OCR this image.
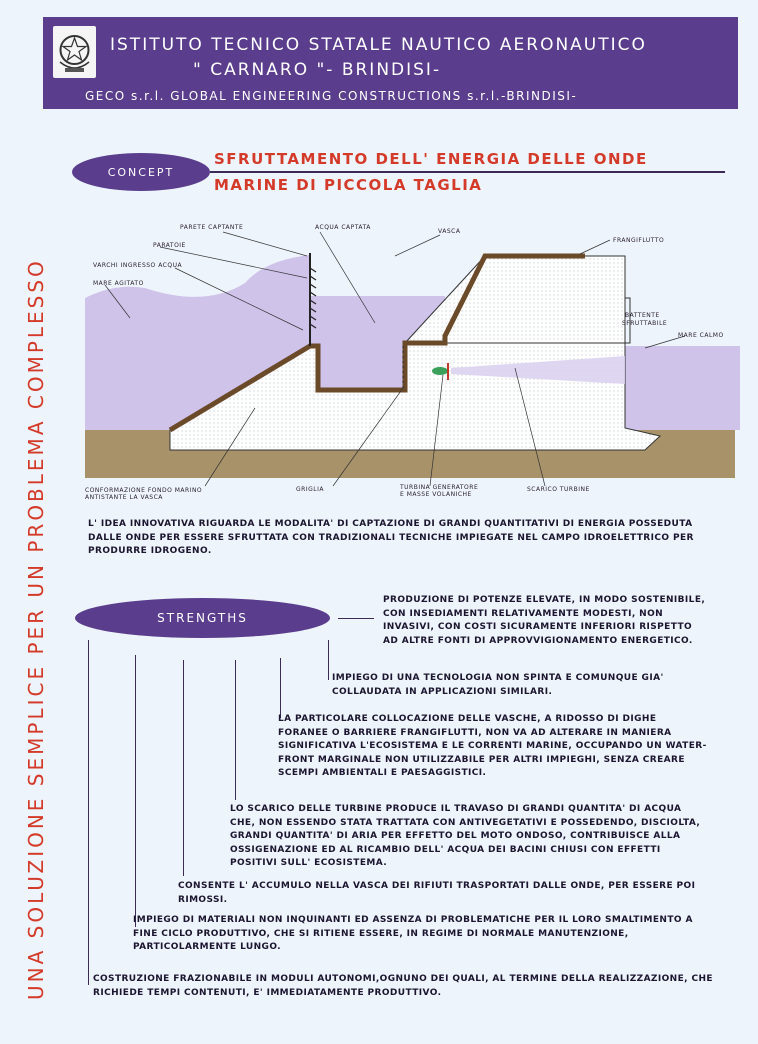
ISTITUTO TECNICO STATALE NAUTICO AERONAUTICO
" CARNARO "- BRINDISI-
GECO s.r.l. GLOBAL ENGINEERING CONSTRUCTIONS s.r.l.-BRINDISI-
UNA SOLUZIONE SEMPLICE PER UN PROBLEMA COMPLESSO
CONCEPT
SFRUTTAMENTO DELL' ENERGIA DELLE ONDE
MARINE DI PICCOLA TAGLIA
PARETE CAPTANTE	ACQUA CAPTATA
VASCA
FRANGIFLUTTO
PARATOIE
VARCHI INGRESSO ACQUA
MARE AGITATO
BATTENTE
SFRUTTABILE
MARE CALMO
CONFORMAZIONE FONDO MARINO
ANTISTANTE LA VASCA
GRIGLIA	TURBINA GENERATORE
E MASSE VOLANICHE
SCARICO TURBINE

L' IDEA INNOVATIVA RIGUARDA LE MODALITA' DI CAPTAZIONE DI GRANDI QUANTITATIVI DI ENERGIA POSSEDUTA DALLE ONDE PER ESSERE SFRUTTATA CON TRADIZIONALI TECNICHE IMPIEGATE NEL CAMPO IDROELETTRICO PER PRODURRE IDROGENO.

STRENGTHS

PRODUZIONE DI POTENZE ELEVATE, IN MODO SOSTENIBILE, CON INSEDIAMENTI RELATIVAMENTE MODESTI, NON INVASIVI, CON COSTI SICURAMENTE INFERIORI RISPETTO AD ALTRE FONTI DI APPROVVIGIONAMENTO ENERGETICO.

IMPIEGO DI UNA TECNOLOGIA NON SPINTA E COMUNQUE GIA' COLLAUDATA IN APPLICAZIONI SIMILARI.

LA PARTICOLARE COLLOCAZIONE DELLE VASCHE, A RIDOSSO DI DIGHE FORANEE O BARRIERE FRANGIFLUTTI, NON VA AD ALTERARE IN MANIERA SIGNIFICATIVA L'ECOSISTEMA E LE CORRENTI MARINE, OCCUPANDO UN WATER-FRONT MARGINALE NON UTILIZZABILE PER ALTRI IMPIEGHI, SENZA CREARE SCEMPI AMBIENTALI E PAESAGGISTICI.

LO SCARICO DELLE TURBINE PRODUCE IL TRAVASO DI GRANDI QUANTITA' DI ACQUA CHE, NON ESSENDO STATA TRATTATA CON ANTIVEGETATIVI E POSSEDENDO, DISCIOLTA, GRANDI QUANTITA' DI ARIA PER EFFETTO DEL MOTO ONDOSO, CONTRIBUISCE ALLA OSSIGENAZIONE ED AL RICAMBIO DELL' ACQUA DEI BACINI CHIUSI CON EFFETTI POSITIVI SULL' ECOSISTEMA.

CONSENTE L' ACCUMULO NELLA VASCA DEI RIFIUTI TRASPORTATI DALLE ONDE, PER ESSERE POI RIMOSSI.

IMPIEGO DI MATERIALI NON INQUINANTI ED ASSENZA DI PROBLEMATICHE PER IL LORO SMALTIMENTO A FINE CICLO PRODUTTIVO, CHE SI RITIENE ESSERE, IN REGIME DI NORMALE MANUTENZIONE, PARTICOLARMENTE LUNGO.

COSTRUZIONE FRAZIONABILE IN MODULI AUTONOMI,OGNUNO DEI QUALI, AL TERMINE DELLA REALIZZAZIONE, CHE RICHIEDE TEMPI CONTENUTI, E' IMMEDIATAMENTE PRODUTTIVO.
